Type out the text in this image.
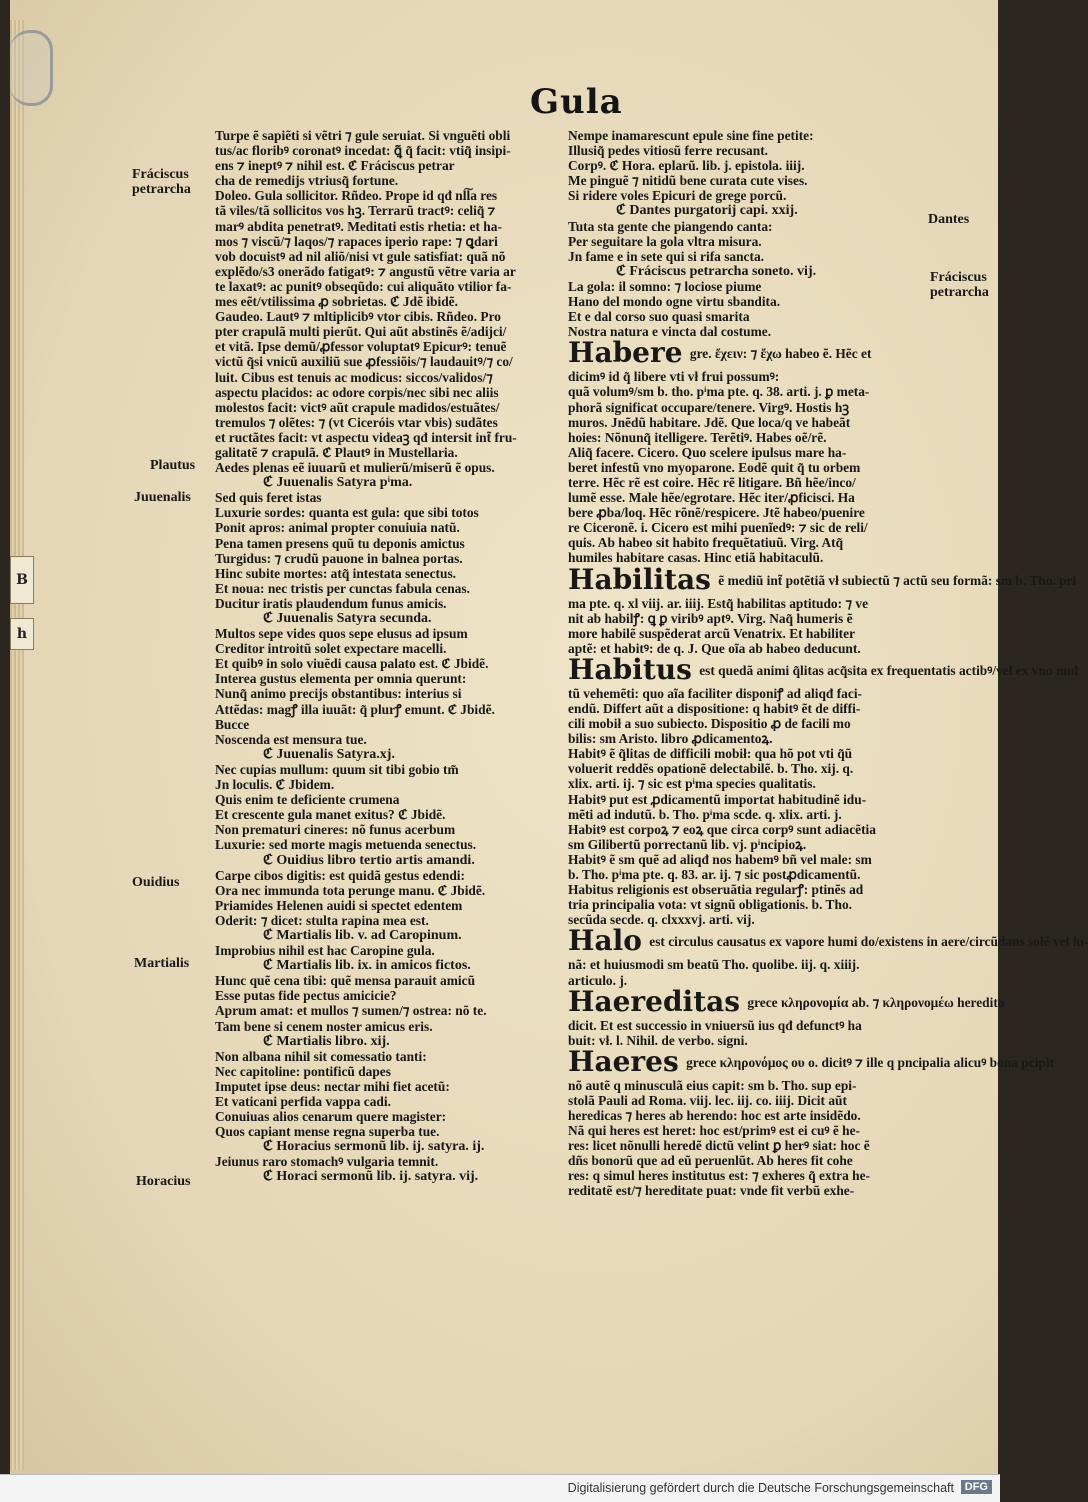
B
h
Gula
Fráciscus petrarcha
Plautus
Juuenalis
Ouidius
Martialis
Horacius
Dantes
Fráciscus petrarcha
Turpe ẽ sapiẽti si vẽtri ⁊ gule seruiat. Si vnguẽti obli
tus/ac floribꝰ coronatꝰ incedat: ꝗ̃ q̃ facit: vtiq̃ insipi-
ens ⁊ ineptꝰ ⁊ nihil est. ℭ Fráciscus petrar
cha de remedijs vtriusq̃ fortune.
Doleo. Gula sollicitor. Rñdeo. Prope id qđ nl͠la res
tã viles/tã sollicitos vos hꝫ. Terrarũ tractꝰ: celiq̃ ⁊
marꝰ abdita penetratꝰ. Meditati estis rhetia: et ha-
mos ⁊ viscũ/⁊ laqos/⁊ rapaces iperio rape: ⁊ ꝗdari
vob docuistꝰ ad nil aliõ/nisi vt gule satisfiat: quã nõ
explẽdo/s3 onerãdo fatigatꝰ: ⁊ angustũ vẽtre varia ar
te laxatꝰ: ac punitꝰ obseqũdo: cui aliquãto vtilior fa-
mes eẽt/vtilissima ꝓ sobrietas. ℭ Jdẽ ibidẽ.
Gaudeo. Lautꝰ ⁊ mltiplicibꝰ vtor cibis. Rñdeo. Pro
pter crapulã multi pierũt. Qui aũt abstinẽs ẽ/adijci/
et vitã. Ipse demũ/ꝓfessor voluptatꝰ Epicurꝰ: tenuẽ
victũ q̃si vnicũ auxiliũ sue ꝓfessiõis/⁊ laudauitꝰ/⁊ co/
luit. Cibus est tenuis ac modicus: siccos/validos/⁊
aspectu placidos: ac odore corpis/nec sibi nec aliis
molestos facit: victꝰ aũt crapule madidos/estuãtes/
tremulos ⁊ olẽtes: ⁊ (vt Ciceróis vtar vbis) sudãtes
et ructãtes facit: vt aspectu videaꝫ qđ intersit int̃ fru-
galitatẽ ⁊ crapulã. ℭ Plautꝰ in Mustellaria.
Aedes plenas eẽ iuuarũ et mulierũ/miserũ ẽ opus.
ℭ Juuenalis Satyra pͥma.
Sed quis feret istas
Luxurie sordes: quanta est gula: que sibi totos
Ponit apros: animal propter conuiuia natũ.
Pena tamen presens quũ tu deponis amictus
Turgidus: ⁊ crudũ pauone in balnea portas.
Hinc subite mortes: atq̃ intestata senectus.
Et noua: nec tristis per cunctas fabula cenas.
Ducitur iratis plaudendum funus amicis.
ℭ Juuenalis Satyra secunda.
Multos sepe vides quos sepe elusus ad ipsum
Creditor introitũ solet expectare macelli.
Et quibꝰ in solo viuẽdi causa palato est. ℭ Jbidẽ.
Interea gustus elementa per omnia querunt:
Nunq̃ animo precijs obstantibus: interius si
Attẽdas: magꝭ illa iuuãt: q̃ plurꝭ emunt. ℭ Jbidẽ.
Bucce
Noscenda est mensura tue.
ℭ Juuenalis Satyra.xj.
Nec cupias mullum: quum sit tibi gobio tm̃
Jn loculis. ℭ Jbidem.
Quis enim te deficiente crumena
Et crescente gula manet exitus? ℭ Jbidẽ.
Non prematuri cineres: nõ funus acerbum
Luxurie: sed morte magis metuenda senectus.
ℭ Ouidius libro tertio artis amandi.
Carpe cibos digitis: est quidã gestus edendi:
Ora nec immunda tota perunge manu. ℭ Jbidẽ.
Priamides Helenen auidi si spectet edentem
Oderit: ⁊ dicet: stulta rapina mea est.
ℭ Martialis lib. v. ad Caropinum.
Improbius nihil est hac Caropine gula.
ℭ Martialis lib. ix. in amicos fictos.
Hunc quẽ cena tibi: quẽ mensa parauit amicũ
Esse putas fide pectus amicicie?
Aprum amat: et mullos ⁊ sumen/⁊ ostrea: nõ te.
Tam bene si cenem noster amicus eris.
ℭ Martialis libro. xij.
Non albana nihil sit comessatio tanti:
Nec capitoline: pontificũ dapes
Imputet ipse deus: nectar mihi fiet acetũ:
Et vaticani perfida vappa cadi.
Conuiuas alios cenarum quere magister:
Quos capiant mense regna superba tue.
ℭ Horacius sermonũ lib. ij. satyra. ij.
Jeiunus raro stomachꝰ vulgaria temnit.
ℭ Horaci sermonũ lib. ij. satyra. vij.
Nempe inamarescunt epule sine fine petite:
Illusiq̃ pedes vitiosũ ferre recusant.
Corpꝰ. ℭ Hora. eplarũ. lib. j. epistola. iiij.
Me pinguẽ ⁊ nitidũ bene curata cute vises.
Si ridere voles Epicuri de grege porcũ.
ℭ Dantes purgatorij capi. xxij.
Tuta sta gente che piangendo canta:
Per seguitare la gola vltra misura.
Jn fame e in sete qui si rifa sancta.
ℭ Fráciscus petrarcha soneto. vij.
La gola: il somno: ⁊ lociose piume
Hano del mondo ogne virtu sbandita.
Et e dal corso suo quasi smarita
Nostra natura e vincta dal costume.
Habere gre. ἔχειν: ⁊ ἔχω habeo ẽ. Hẽc et
dicimꝰ id q̃ libere vti vł frui possumꝰ:
quã volumꝰ/sm b. tho. pͥma pte. q. 38. arti. j. ꝑ meta-
phorã significat occupare/tenere. Virgꝰ. Hostis hꝫ
muros. Jnẽdũ habitare. Jdẽ. Que loca/q ve habeãt
hoies: Nõnunq̃ itelligere. Terẽtiꝰ. Habes oẽ/rẽ.
Aliq̃ facere. Cicero. Quo scelere ipulsus mare ha-
beret infestũ vno myoparone. Eodẽ quit q̃ tu orbem
terre. Hẽc rẽ est coire. Hẽc rẽ litigare. Bñ hẽe/inco/
lumẽ esse. Male hẽe/egrotare. Hẽc iter/ꝓficisci. Ha
bere ꝓba/loq. Hẽc rõnẽ/respicere. Jtẽ habeo/puenire
re Ciceronẽ. i. Cicero est mihi puenĩedꝰ: ⁊ sic de reli/
quis. Ab habeo sit habito frequẽtatiuũ. Virg. Atq̃
humiles habitare casas. Hinc etiã habitaculũ.
Habilitas ẽ mediũ int̃ potẽtiã vł subiectũ ⁊ actũ seu formã: sm b. Tho. pri
ma pte. q. xl viij. ar. iiij. Estq̃ habilitas aptitudo: ⁊ ve
nit ab habilꝭ: ꝗ ꝑ viribꝰ aptꝰ. Virg. Naq̃ humeris ẽ
more habilẽ suspẽderat arcũ Venatrix. Et habiliter
aptẽ: et habitꝰ: de q. J. Que oĩa ab habeo deducunt.
Habitus est quedã animi q̃litas acq̃sita ex frequentatis actibꝰ/vel ex vno mul
tũ vehemẽti: quo aĩa faciliter disponiꝭ ad aliqđ faci-
endũ. Differt aũt a dispositione: q habitꝰ ẽt de diffi-
cili mobił a suo subiecto. Dispositio ꝓ de facili mo
bilis: sm Aristo. libro ꝓdicamentoꝝ.
Habitꝰ ẽ q̃litas de difficili mobił: qua hõ pot vti q̃ũ
voluerit reddẽs opationẽ delectabilẽ. b. Tho. xij. q.
xlix. arti. ij. ⁊ sic est pͥma species qualitatis.
Habitꝰ put est ꝓdicamentũ importat habitudinẽ idu-
mẽti ad indutũ. b. Tho. pͥma scde. q. xlix. arti. j.
Habitꝰ est corpoꝝ ⁊ eoꝝ que circa corpꝰ sunt adiacẽtia
sm Gilibertũ porrectanũ lib. vj. pͥncipioꝝ.
Habitꝰ ẽ sm quẽ ad aliqđ nos habemꝰ bñ vel male: sm
b. Tho. pͥma pte. q. 83. ar. ij. ⁊ sic postꝓdicamentũ.
Habitus religionis est obseruãtia regularꝭ: ptinẽs ad
tria principalia vota: vt signũ obligationis. b. Tho.
secũda secde. q. clxxxvj. arti. vij.
Halo est circulus causatus ex vapore humi do/existens in aere/circũdans solẽ vel lu-
nã: et huiusmodi sm beatũ Tho. quolibe. iij. q. xiiij.
articulo. j.
Haereditas grece κληρονομία ab. ⁊ κληρονομέω heredito
dicit. Et est successio in vniuersũ ius qđ defunctꝰ ha
buit: vł. l. Nihil. de verbo. signi.
Haeres grece κληρονόμος ου ο. dicitꝰ ⁊ ille q pncipalia alicuꝰ bona pcipit
nõ autẽ q minusculã eius capit: sm b. Tho. sup epi-
stolã Pauli ad Roma. viij. lec. iij. co. iiij. Dicit aũt
heredicas ⁊ heres ab herendo: hoc est arte insidẽdo.
Nã qui heres est heret: hoc est/primꝰ est ei cuꝰ ẽ he-
res: licet nõnulli heredẽ dictũ velint ꝑ herꝰ siat: hoc ẽ
dñs bonorũ que ad eũ peruenlũt. Ab heres fit cohe
res: q simul heres institutus est: ⁊ exheres q̃ extra he-
reditatẽ est/⁊ hereditate puat: vnde fit verbũ exhe-
Digitalisierung gefördert durch die Deutsche Forschungsgemeinschaft DFG
